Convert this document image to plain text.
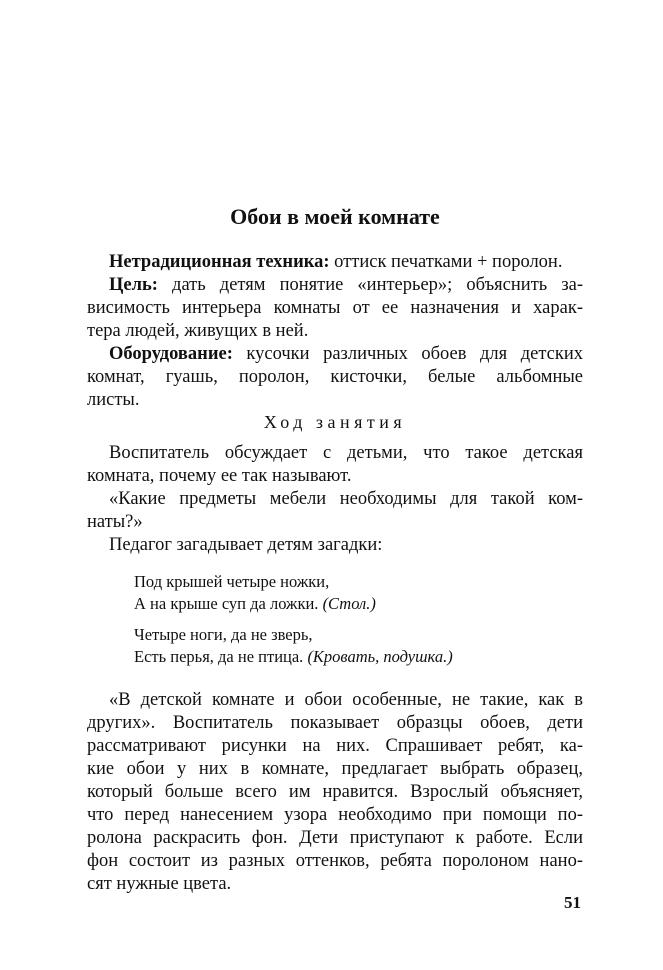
Обои в моей комнате
Нетрадиционная техника: оттиск печатками + поролон.
Цель: дать детям понятие «интерьер»; объяснить за-
висимость интерьера комнаты от ее назначения и харак-
тера людей, живущих в ней.
Оборудование: кусочки различных обоев для детских
комнат, гуашь, поролон, кисточки, белые альбомные
листы.
Ход занятия
Воспитатель обсуждает с детьми, что такое детская
комната, почему ее так называют.
«Какие предметы мебели необходимы для такой ком-
наты?»
Педагог загадывает детям загадки:
Под крышей четыре ножки,
А на крыше суп да ложки. (Стол.)
Четыре ноги, да не зверь,
Есть перья, да не птица. (Кровать, подушка.)
«В детской комнате и обои особенные, не такие, как в
других». Воспитатель показывает образцы обоев, дети
рассматривают рисунки на них. Спрашивает ребят, ка-
кие обои у них в комнате, предлагает выбрать образец,
который больше всего им нравится. Взрослый объясняет,
что перед нанесением узора необходимо при помощи по-
ролона раскрасить фон. Дети приступают к работе. Если
фон состоит из разных оттенков, ребята поролоном нано-
сят нужные цвета.
51
